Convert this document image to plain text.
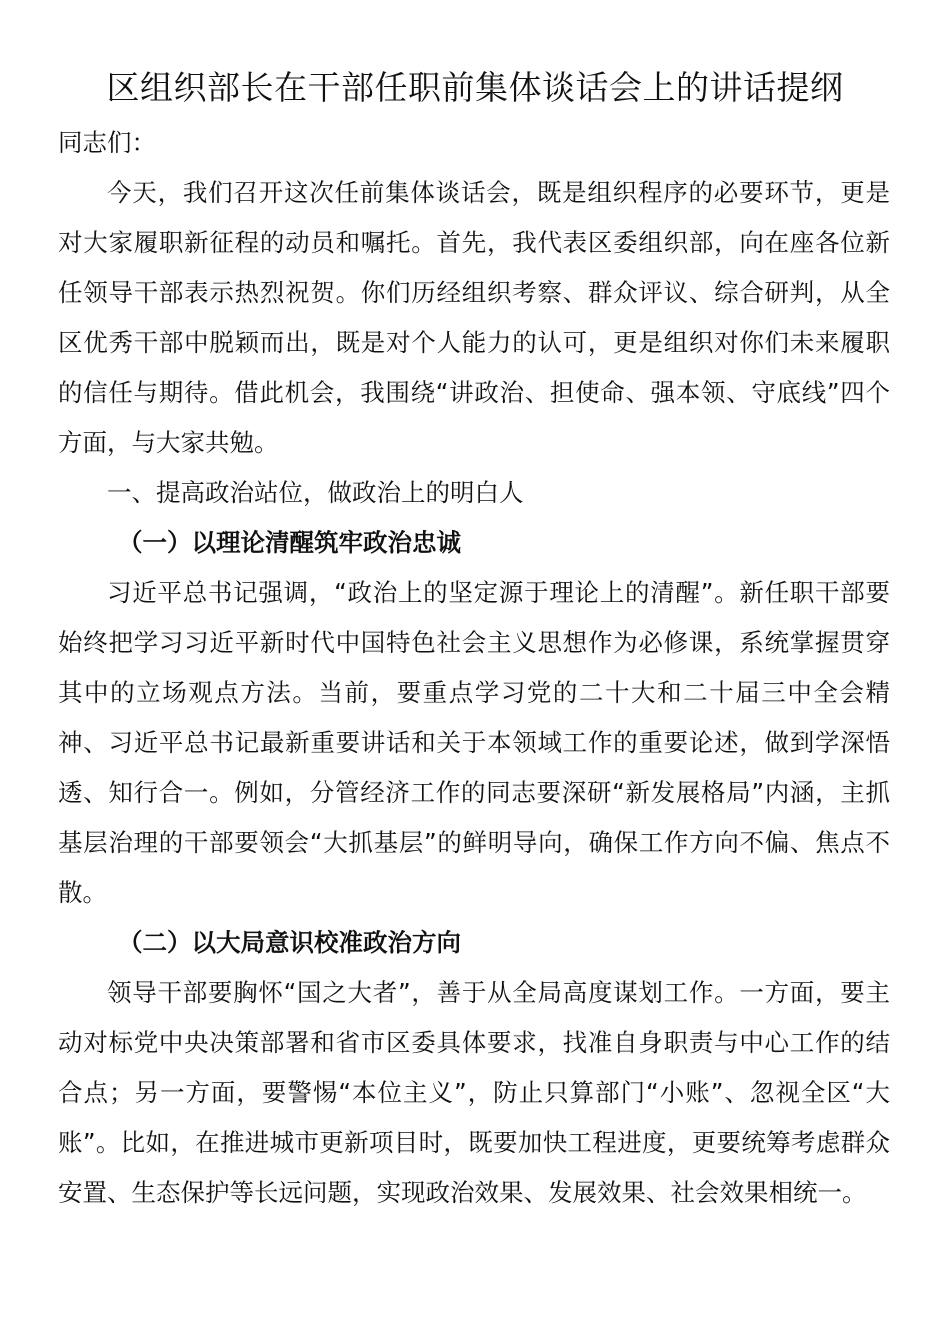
区组织部长在干部任职前集体谈话会上的讲话提纲

同志们：

今天，我们召开这次任前集体谈话会，既是组织程序的必要环节，更是对大家履职新征程的动员和嘱托。首先，我代表区委组织部，向在座各位新任领导干部表示热烈祝贺。你们历经组织考察、群众评议、综合研判，从全区优秀干部中脱颖而出，既是对个人能力的认可，更是组织对你们未来履职的信任与期待。借此机会，我围绕“讲政治、担使命、强本领、守底线”四个方面，与大家共勉。

一、提高政治站位，做政治上的明白人

（一）以理论清醒筑牢政治忠诚

习近平总书记强调，“政治上的坚定源于理论上的清醒”。新任职干部要始终把学习习近平新时代中国特色社会主义思想作为必修课，系统掌握贯穿其中的立场观点方法。当前，要重点学习党的二十大和二十届三中全会精神、习近平总书记最新重要讲话和关于本领域工作的重要论述，做到学深悟透、知行合一。例如，分管经济工作的同志要深研“新发展格局”内涵，主抓基层治理的干部要领会“大抓基层”的鲜明导向，确保工作方向不偏、焦点不散。

（二）以大局意识校准政治方向

领导干部要胸怀“国之大者”，善于从全局高度谋划工作。一方面，要主动对标党中央决策部署和省市区委具体要求，找准自身职责与中心工作的结合点；另一方面，要警惕“本位主义”，防止只算部门“小账”、忽视全区“大账”。比如，在推进城市更新项目时，既要加快工程进度，更要统筹考虑群众安置、生态保护等长远问题，实现政治效果、发展效果、社会效果相统一。
